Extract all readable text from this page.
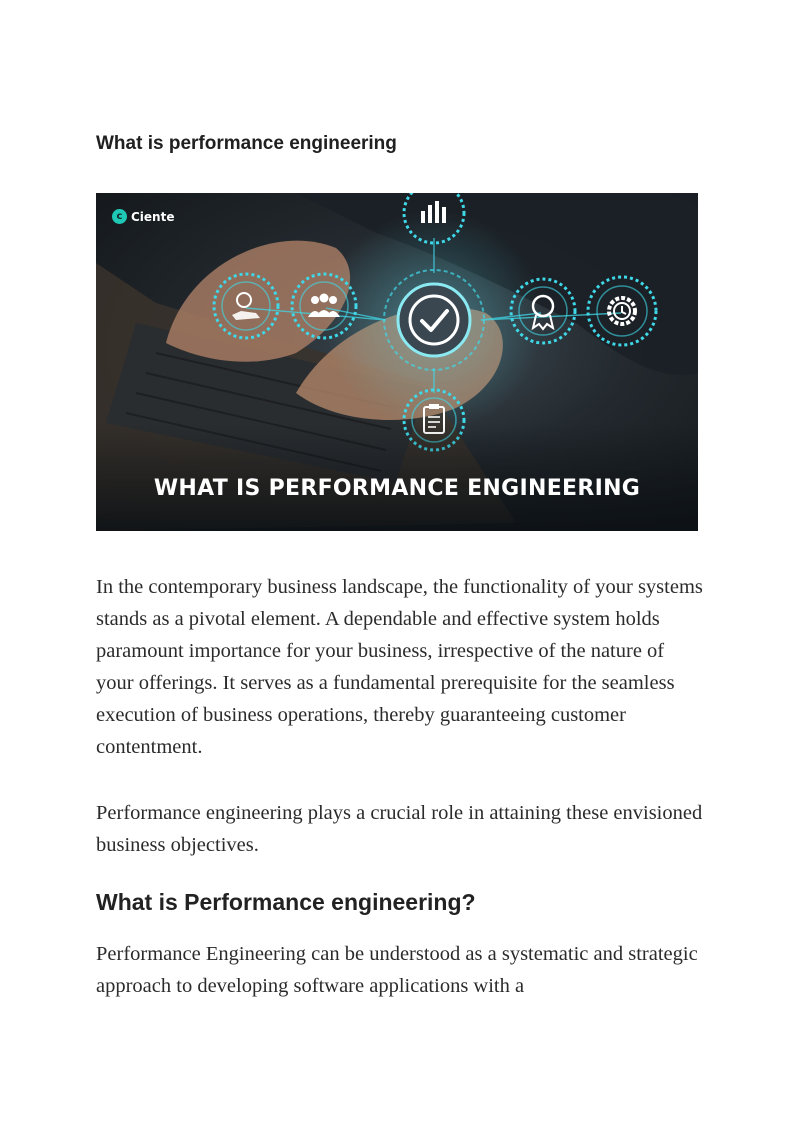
What is performance engineering
c Ciente
WHAT IS PERFORMANCE ENGINEERING

In the contemporary business landscape, the functionality of your systems stands as a pivotal element. A dependable and effective system holds paramount importance for your business, irrespective of the nature of your offerings. It serves as a fundamental prerequisite for the seamless execution of business operations, thereby guaranteeing customer contentment.

Performance engineering plays a crucial role in attaining these envisioned business objectives.

What is Performance engineering?

Performance Engineering can be understood as a systematic and strategic approach to developing software applications with a
